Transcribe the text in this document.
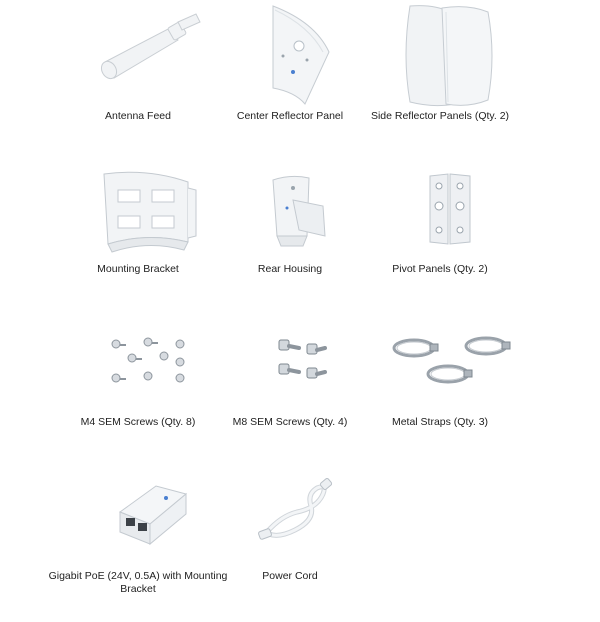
Antenna Feed	Center Reflector Panel	Side Reflector Panels (Qty. 2)
Mounting Bracket	Rear Housing	Pivot Panels (Qty. 2)
M4 SEM Screws (Qty. 8)	M8 SEM Screws (Qty. 4)	Metal Straps (Qty. 3)
Gigabit PoE (24V, 0.5A) with Mounting Bracket
Power Cord
